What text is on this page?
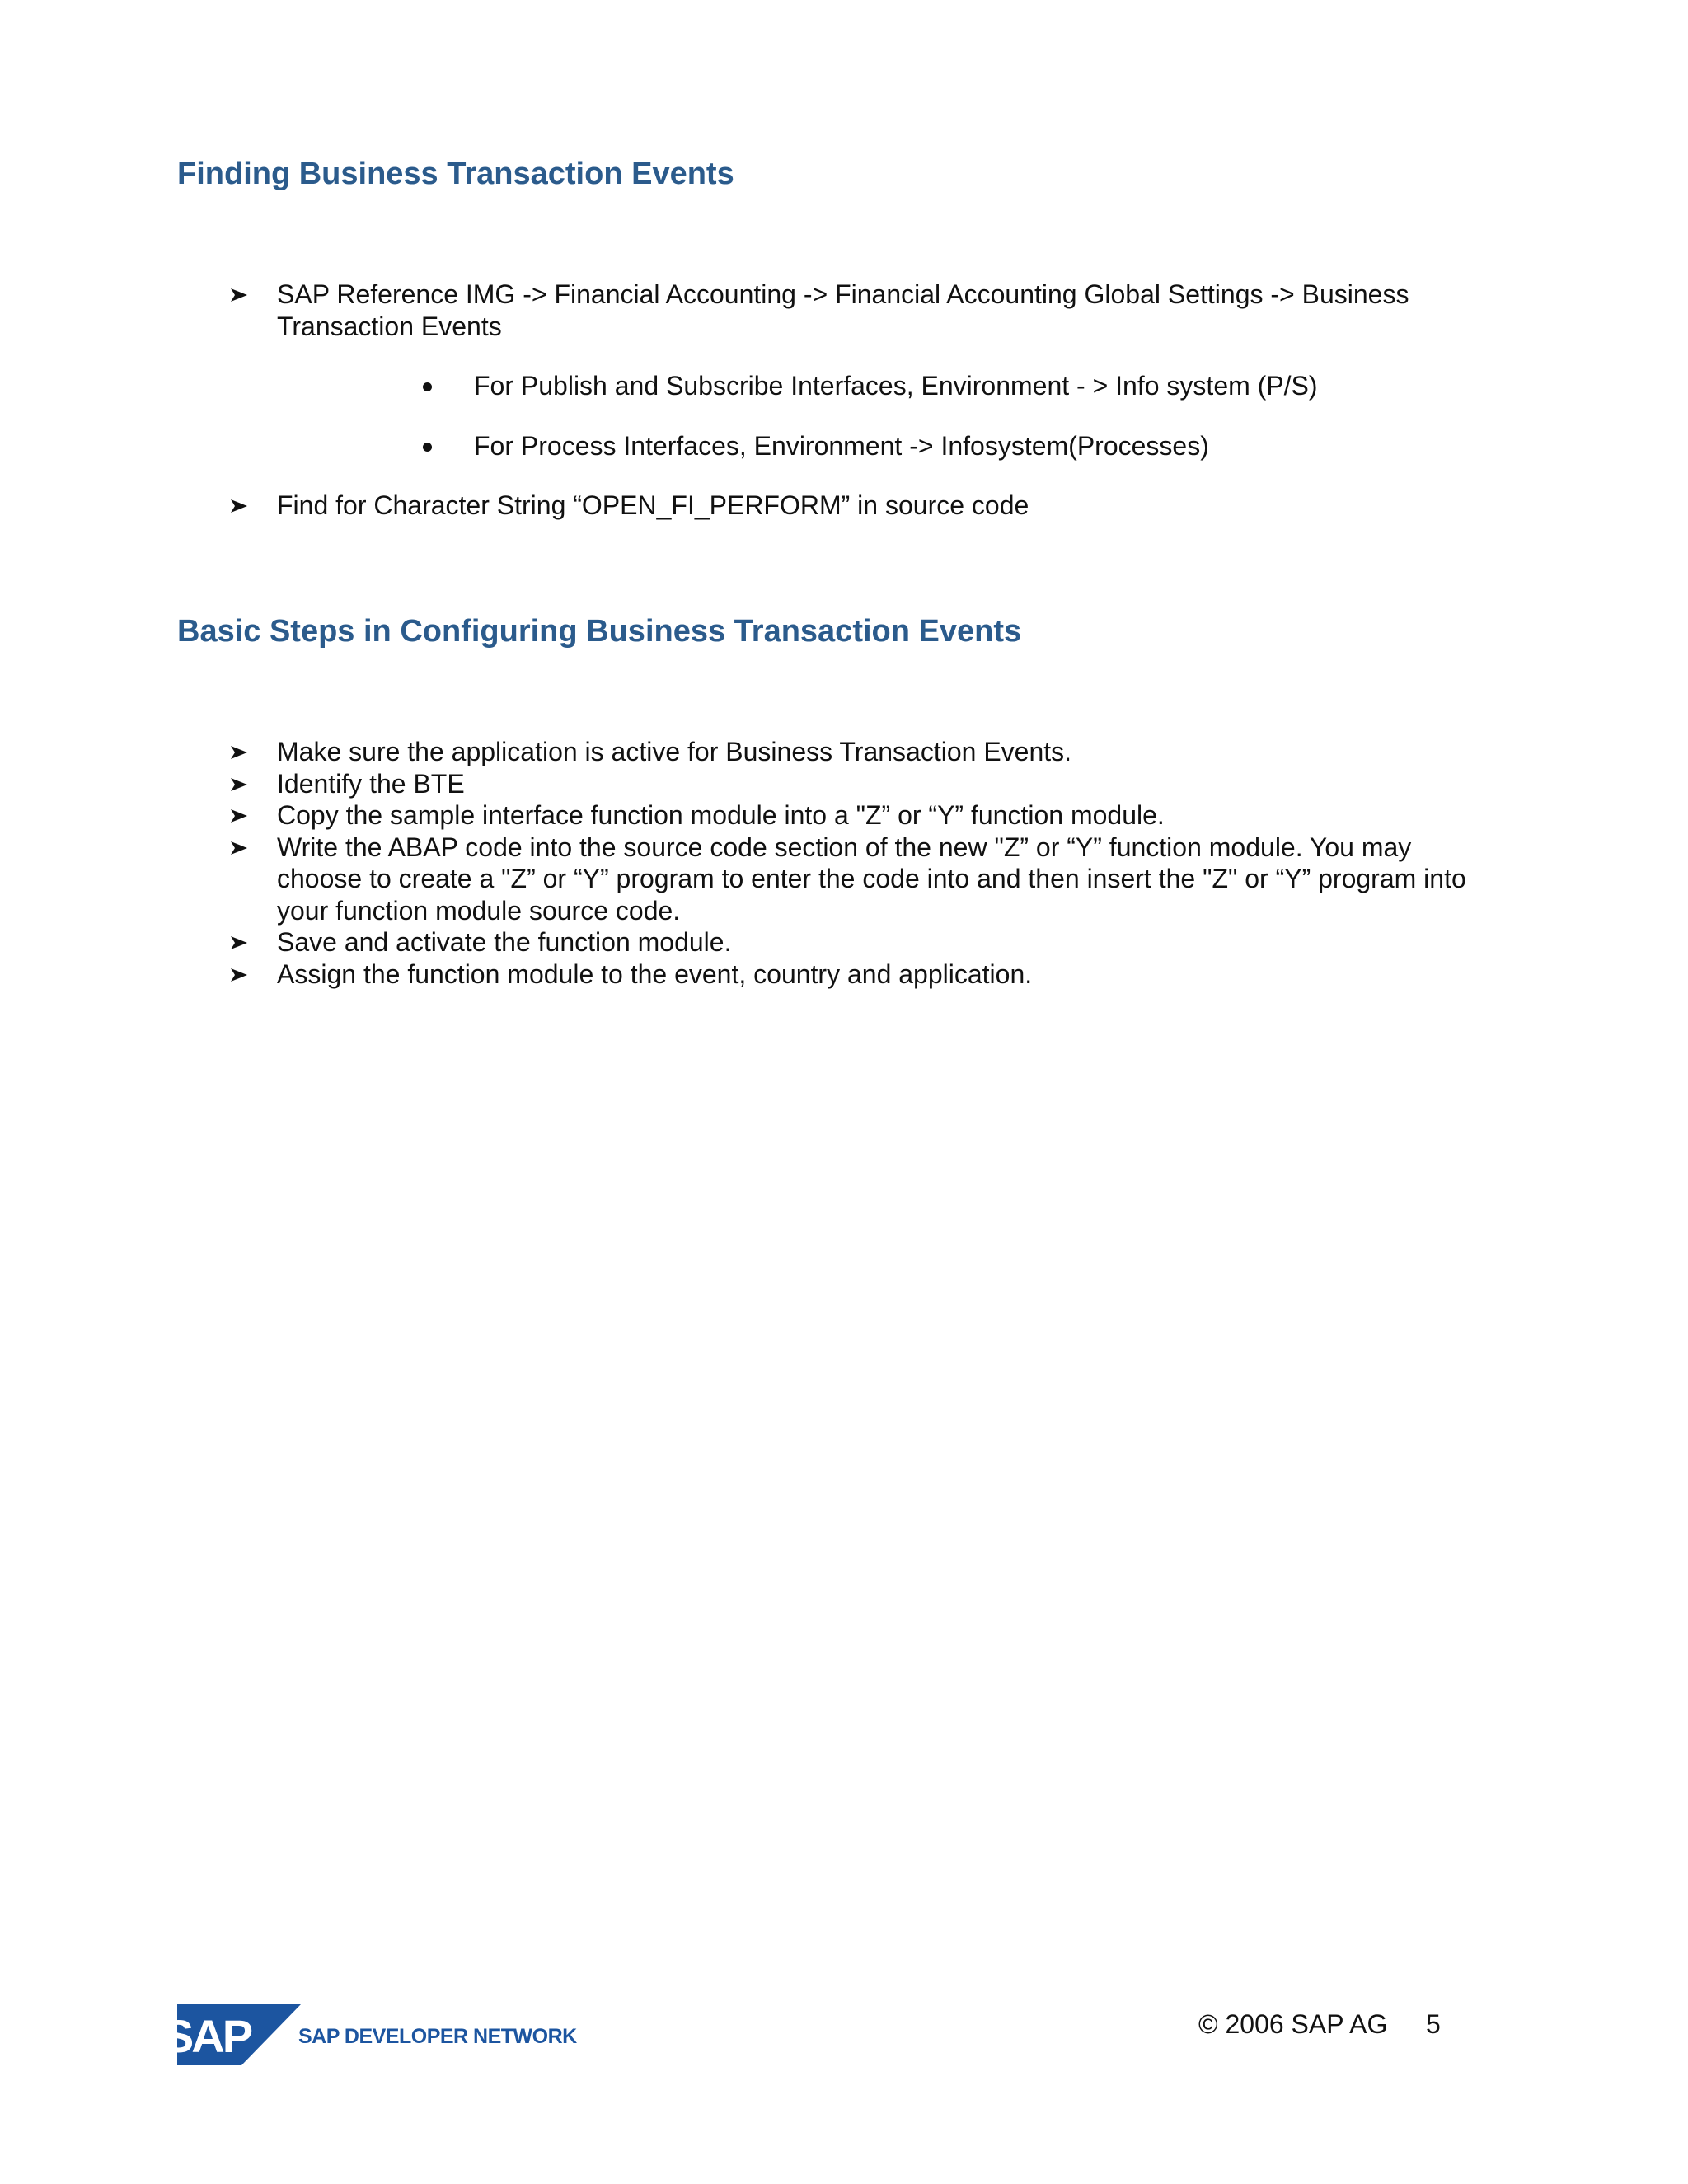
Finding Business Transaction Events
SAP Reference IMG -> Financial Accounting -> Financial Accounting Global Settings -> Business Transaction Events
For Publish and Subscribe Interfaces, Environment - > Info system (P/S)
For Process Interfaces, Environment -> Infosystem(Processes)
Find for Character String “OPEN_FI_PERFORM” in source code
Basic Steps in Configuring Business Transaction Events
Make sure the application is active for Business Transaction Events.
Identify the BTE
Copy the sample interface function module into a "Z” or “Y” function module.
Write the ABAP code into the source code section of the new "Z” or “Y” function module. You may choose to create a "Z” or “Y” program to enter the code into and then insert the "Z" or “Y” program into your function module source code.
Save and activate the function module.
Assign the function module to the event, country and application.
SAP SAP DEVELOPER NETWORK	© 2006 SAP AG 5
